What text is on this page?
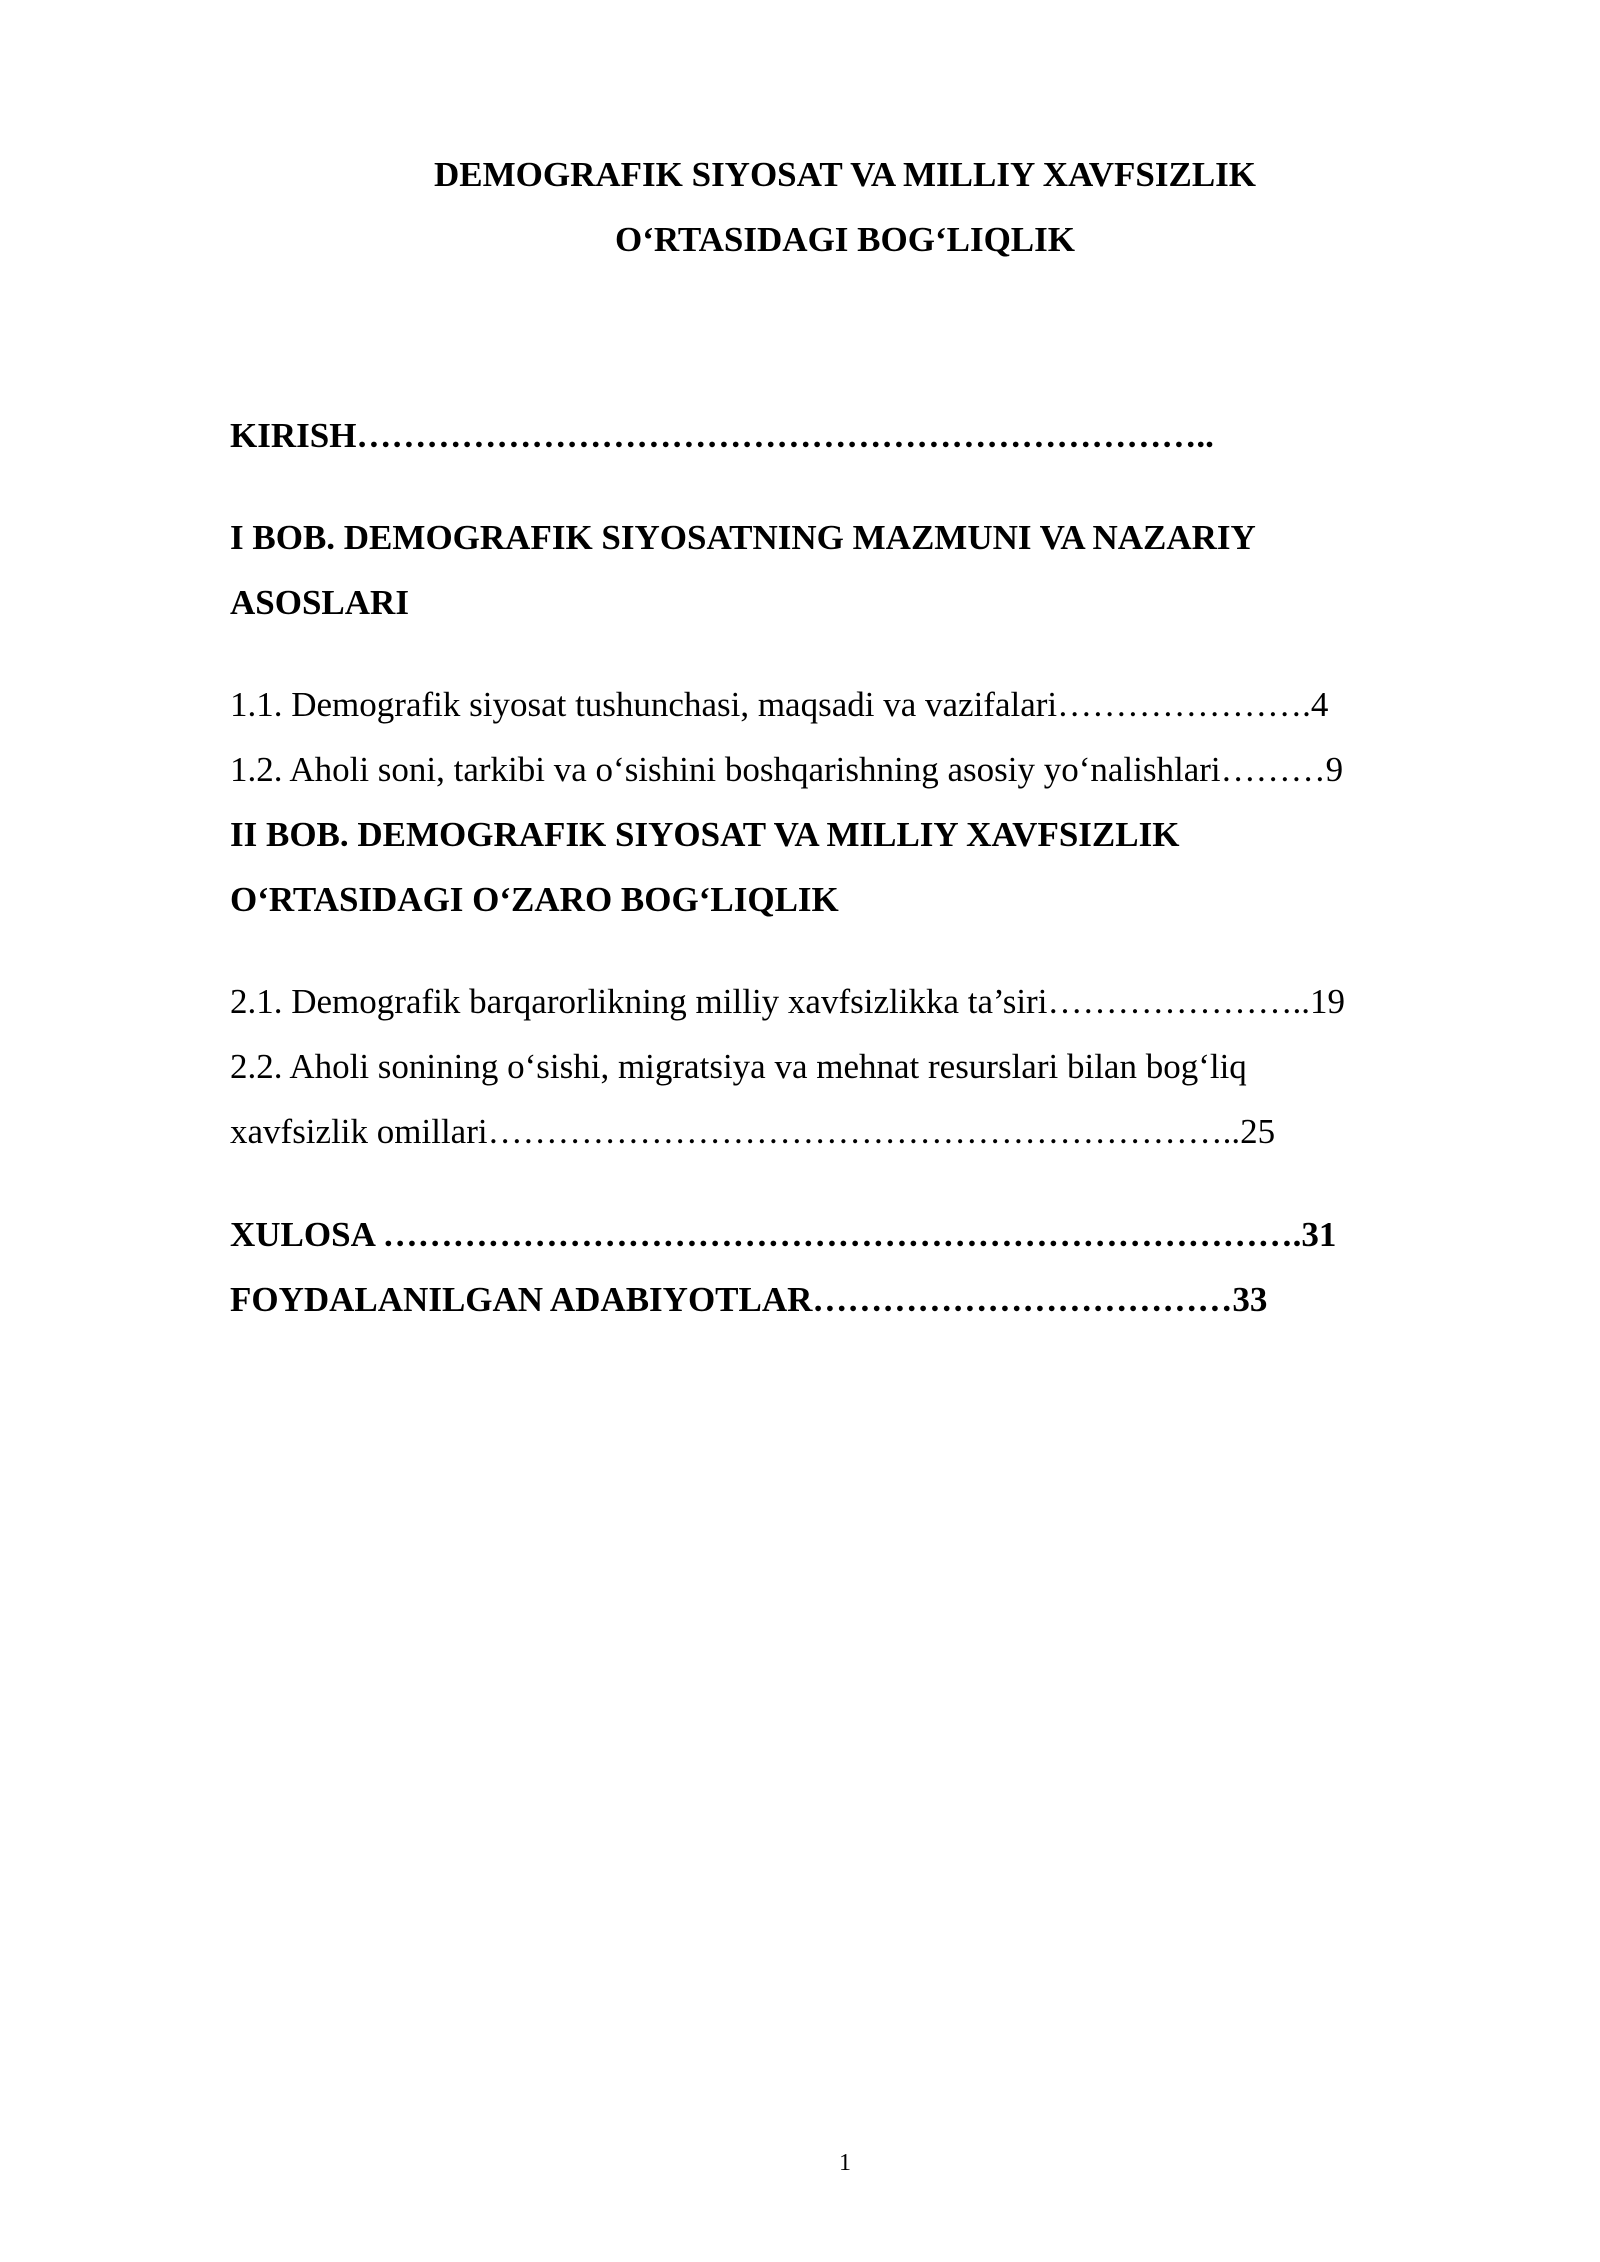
DEMOGRAFIK SIYOSAT VA MILLIY XAVFSIZLIK
O‘RTASIDAGI BOG‘LIQLIK
KIRISH………………………………………………………………..
I BOB. DEMOGRAFIK SIYOSATNING MAZMUNI VA NAZARIY
ASOSLARI
1.1. Demografik siyosat tushunchasi, maqsadi va vazifalari………………….4
1.2. Aholi soni, tarkibi va o‘sishini boshqarishning asosiy yo‘nalishlari………9
II BOB. DEMOGRAFIK SIYOSAT VA MILLIY XAVFSIZLIK
O‘RTASIDAGI O‘ZARO BOG‘LIQLIK
2.1. Demografik barqarorlikning milliy xavfsizlikka ta’siri…………………..19
2.2. Aholi sonining o‘sishi, migratsiya va mehnat resurslari bilan bog‘liq
xavfsizlik omillari………………………………………………………..25
XULOSA …………………………………………………………………….31
FOYDALANILGAN ADABIYOTLAR………………………………33
1
